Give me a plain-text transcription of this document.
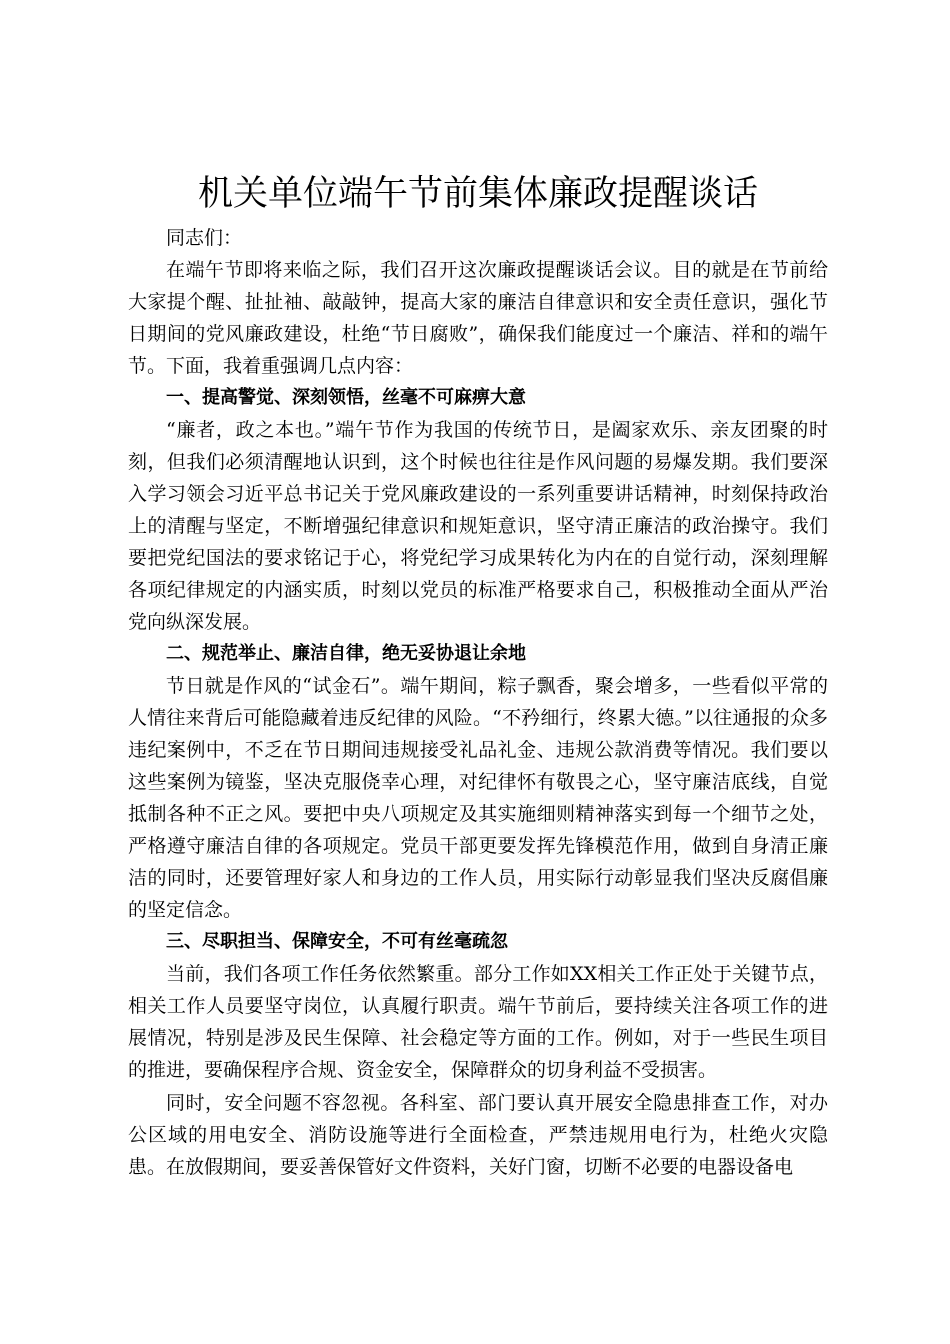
机关单位端午节前集体廉政提醒谈话

同志们：

在端午节即将来临之际，我们召开这次廉政提醒谈话会议。目的就是在节前给大家提个醒、扯扯袖、敲敲钟，提高大家的廉洁自律意识和安全责任意识，强化节日期间的党风廉政建设，杜绝“节日腐败”，确保我们能度过一个廉洁、祥和的端午节。下面，我着重强调几点内容：

一、提高警觉、深刻领悟，丝毫不可麻痹大意

“廉者，政之本也。”端午节作为我国的传统节日，是阖家欢乐、亲友团聚的时刻，但我们必须清醒地认识到，这个时候也往往是作风问题的易爆发期。我们要深入学习领会习近平总书记关于党风廉政建设的一系列重要讲话精神，时刻保持政治上的清醒与坚定，不断增强纪律意识和规矩意识，坚守清正廉洁的政治操守。我们要把党纪国法的要求铭记于心，将党纪学习成果转化为内在的自觉行动，深刻理解各项纪律规定的内涵实质，时刻以党员的标准严格要求自己，积极推动全面从严治党向纵深发展。

二、规范举止、廉洁自律，绝无妥协退让余地

节日就是作风的“试金石”。端午期间，粽子飘香，聚会增多，一些看似平常的人情往来背后可能隐藏着违反纪律的风险。“不矜细行，终累大德。”以往通报的众多违纪案例中，不乏在节日期间违规接受礼品礼金、违规公款消费等情况。我们要以这些案例为镜鉴，坚决克服侥幸心理，对纪律怀有敬畏之心，坚守廉洁底线，自觉抵制各种不正之风。要把中央八项规定及其实施细则精神落实到每一个细节之处，严格遵守廉洁自律的各项规定。党员干部更要发挥先锋模范作用，做到自身清正廉洁的同时，还要管理好家人和身边的工作人员，用实际行动彰显我们坚决反腐倡廉的坚定信念。

三、尽职担当、保障安全，不可有丝毫疏忽

当前，我们各项工作任务依然繁重。部分工作如XX相关工作正处于关键节点，相关工作人员要坚守岗位，认真履行职责。端午节前后，要持续关注各项工作的进展情况，特别是涉及民生保障、社会稳定等方面的工作。例如，对于一些民生项目的推进，要确保程序合规、资金安全，保障群众的切身利益不受损害。

同时，安全问题不容忽视。各科室、部门要认真开展安全隐患排查工作，对办公区域的用电安全、消防设施等进行全面检查，严禁违规用电行为，杜绝火灾隐患。在放假期间，要妥善保管好文件资料，关好门窗，切断不必要的电器设备电
